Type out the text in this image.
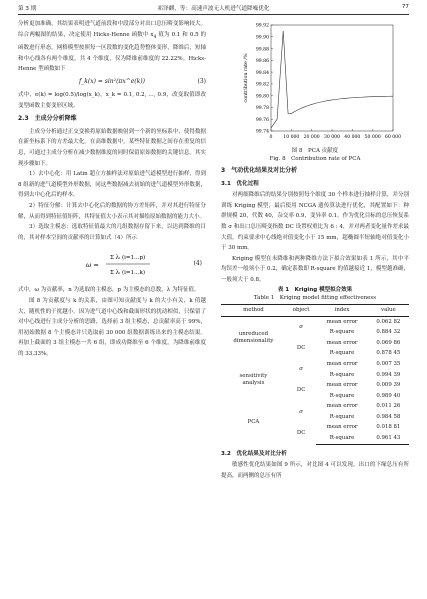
第 3 期	祁泽麒，等：高速声波无人机进气道降噪优化	77

分析更加准确。其结果表明进气道前段和中段部分对出口总压畸变影响较大。综合两幅图的结果，决定使用 Hicks-Henne 函数中 $x_4$ 值为 0.1 和 0.5 的函数进行形态，网格模型按照每一区段数的变化趋势整体变形，降维后，短轴和中心线各有两个维度，共 4 个维度，仅为降维前维度的 22.22%。Hicks-Henne 型函数如下

f_k(x) = sin²(πx^e(k))	(3)

式中，e(k) = log(0.5)/log(x_k)，x_k = 0.1, 0.2, …, 0.9，改变取值即改变型函数主要变形区域。

2.3　主成分分析降维

主成分分析通过正交变换将原始数据映射到一个新的坐标系中，使得数据在新坐标系下的方差最大化。在高维数据中，某些特征数据之间存在重复的信息，可通过主成分分析在减少数据维度的同时保留原始数据的关键信息。其实现步骤如下。

1）去中心化：用 Latin 超立方抽样法对原始进气道模型进行抽样，得到 8 组新的进气道模型外形数据，同这些数据减去初始的进气道模型外形数据，得到去中心化后的样本。

2）特征分解：计算去中心化后的数据的协方差矩阵，并对其进行特征分解，从而得到特征值矩阵，其特征值大小表示其对描绘原始数据的能力大小。

3）选取主模态：选取特征值最大的几组数据存留下来，以达到降维的目的，其对样本空间的贡献率的计算如式（4）所示

ω =
Σ λᵢ (i=1…p)
Σ λᵢ (i=1…k)
(4)

式中，ω 为贡献率，n 为选取的主模态，p 为主模态的总数，λ 为特征值。

图 8 为贡献度与 k 的关系，由图可知贡献度与 k 的大小有关，k 值越大，随机性的干扰越小。因为进气道中心线和截面形状的扰动相似，只保留了对中心线进行主成分分析的思路，选择前 3 组主模态，总贡献率高于 99%，用初始数据 8 个主模态并只选取前 30 000 组数据训练出来的主模态结果。再加上截面的 3 组主模态一共 6 组，即成功降维至 6 个维度，为降维前维度的 33.33%。

99.74
99.76
99.78
99.80
99.82
99.84
99.86
99.88
99.90
99.92
0 10 000 20 000 30 000 40 000 50 000 60 000
contribution rate /%
图 8　PCA 贡献度
Fig. 8　Contribution rate of PCA
3　气动优化结果及对比分析
3.1　优化过程

对两细降维后的结果分别按照每个维度 30 个样本进行抽样计算，并分别训练 Kriging 模型，最后使用 NCGA 遗传算法进行优化，其配置如下：种群规模 20，代数 40，杂交率 0.9，变异率 0.1。作为优化目标的总压恢复系数 σ 和出口总压畸变指数 DC 设置权重比为 6 : 4，并对两者变化量作差求最大值。约束要求中心线绝对值变化小于 15 mm，超椭圆半短轴绝对值变化小于 30 mm。

Kriging 模型在未降维和两种降维方法下拟合效果如表 1 所示，其中平均误差一般须小于 0.2，确定系数即 R-square 的值越接近 1，模型越准确，一般须大于 0.8。

表 1　Kriging 模型拟合效果
Table 1　Kriging model fitting effectiveness
method	object	index	value
unreduced
dimensionality	σ	mean error	0.062 82
		R-square	0.884 32
	DC	mean error	0.069 86
		R-square	0.878 45
sensitivity
analysis	σ	mean error	0.007 35
		R-square	0.994 39
	DC	mean error	0.009 39
		R-square	0.989 40
PCA	σ	mean error	0.011 26
		R-square	0.984 58
	DC	mean error	0.018 81
		R-square	0.961 43
3.2　优化结果及对比分析

敏感性优化结果如图 9 所示，对比图 4 可以发现，出口的下缘总压有所提高，而两侧的总压有所
